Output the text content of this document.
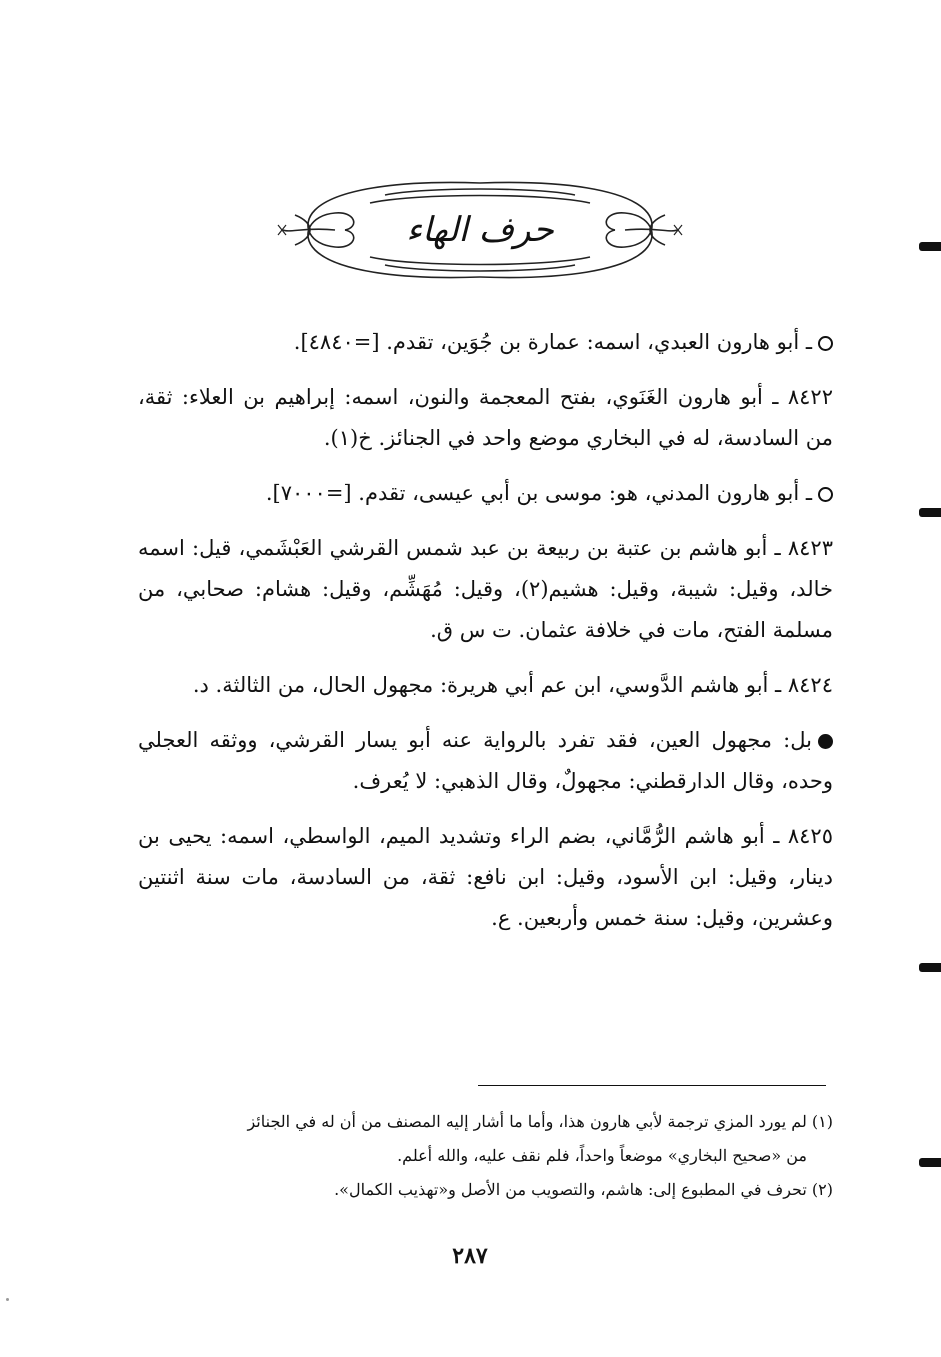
حرف الهاء

ـ أبو هارون العبدي، اسمه: عمارة بن جُوَين، تقدم. [=٤٨٤٠].

٨٤٢٢ ـ أبو هارون الغَنَوي، بفتح المعجمة والنون، اسمه: إبراهيم بن العلاء: ثقة، من السادسة، له في البخاري موضع واحد في الجنائز. خ(١).

ـ أبو هارون المدني، هو: موسى بن أبي عيسى، تقدم. [=٧٠٠٠].

٨٤٢٣ ـ أبو هاشم بن عتبة بن ربيعة بن عبد شمس القرشي العَبْشَمي، قيل: اسمه خالد، وقيل: شيبة، وقيل: هشيم(٢)، وقيل: مُهَشِّم، وقيل: هشام: صحابي، من مسلمة الفتح، مات في خلافة عثمان. ت س ق.

٨٤٢٤ ـ أبو هاشم الدَّوسي، ابن عم أبي هريرة: مجهول الحال، من الثالثة. د.

بل: مجهول العين، فقد تفرد بالرواية عنه أبو يسار القرشي، ووثقه العجلي وحده، وقال الدارقطني: مجهولٌ، وقال الذهبي: لا يُعرف.

٨٤٢٥ ـ أبو هاشم الرُّمَّاني، بضم الراء وتشديد الميم، الواسطي، اسمه: يحيى بن دينار، وقيل: ابن الأسود، وقيل: ابن نافع: ثقة، من السادسة، مات سنة اثنتين وعشرين، وقيل: سنة خمس وأربعين. ع.

(١) لم يورد المزي ترجمة لأبي هارون هذا، وأما ما أشار إليه المصنف من أن له في الجنائز
من «صحيح البخاري» موضعاً واحداً، فلم نقف عليه، والله أعلم.
(٢) تحرف في المطبوع إلى: هاشم، والتصويب من الأصل و«تهذيب الكمال».
٢٨٧
